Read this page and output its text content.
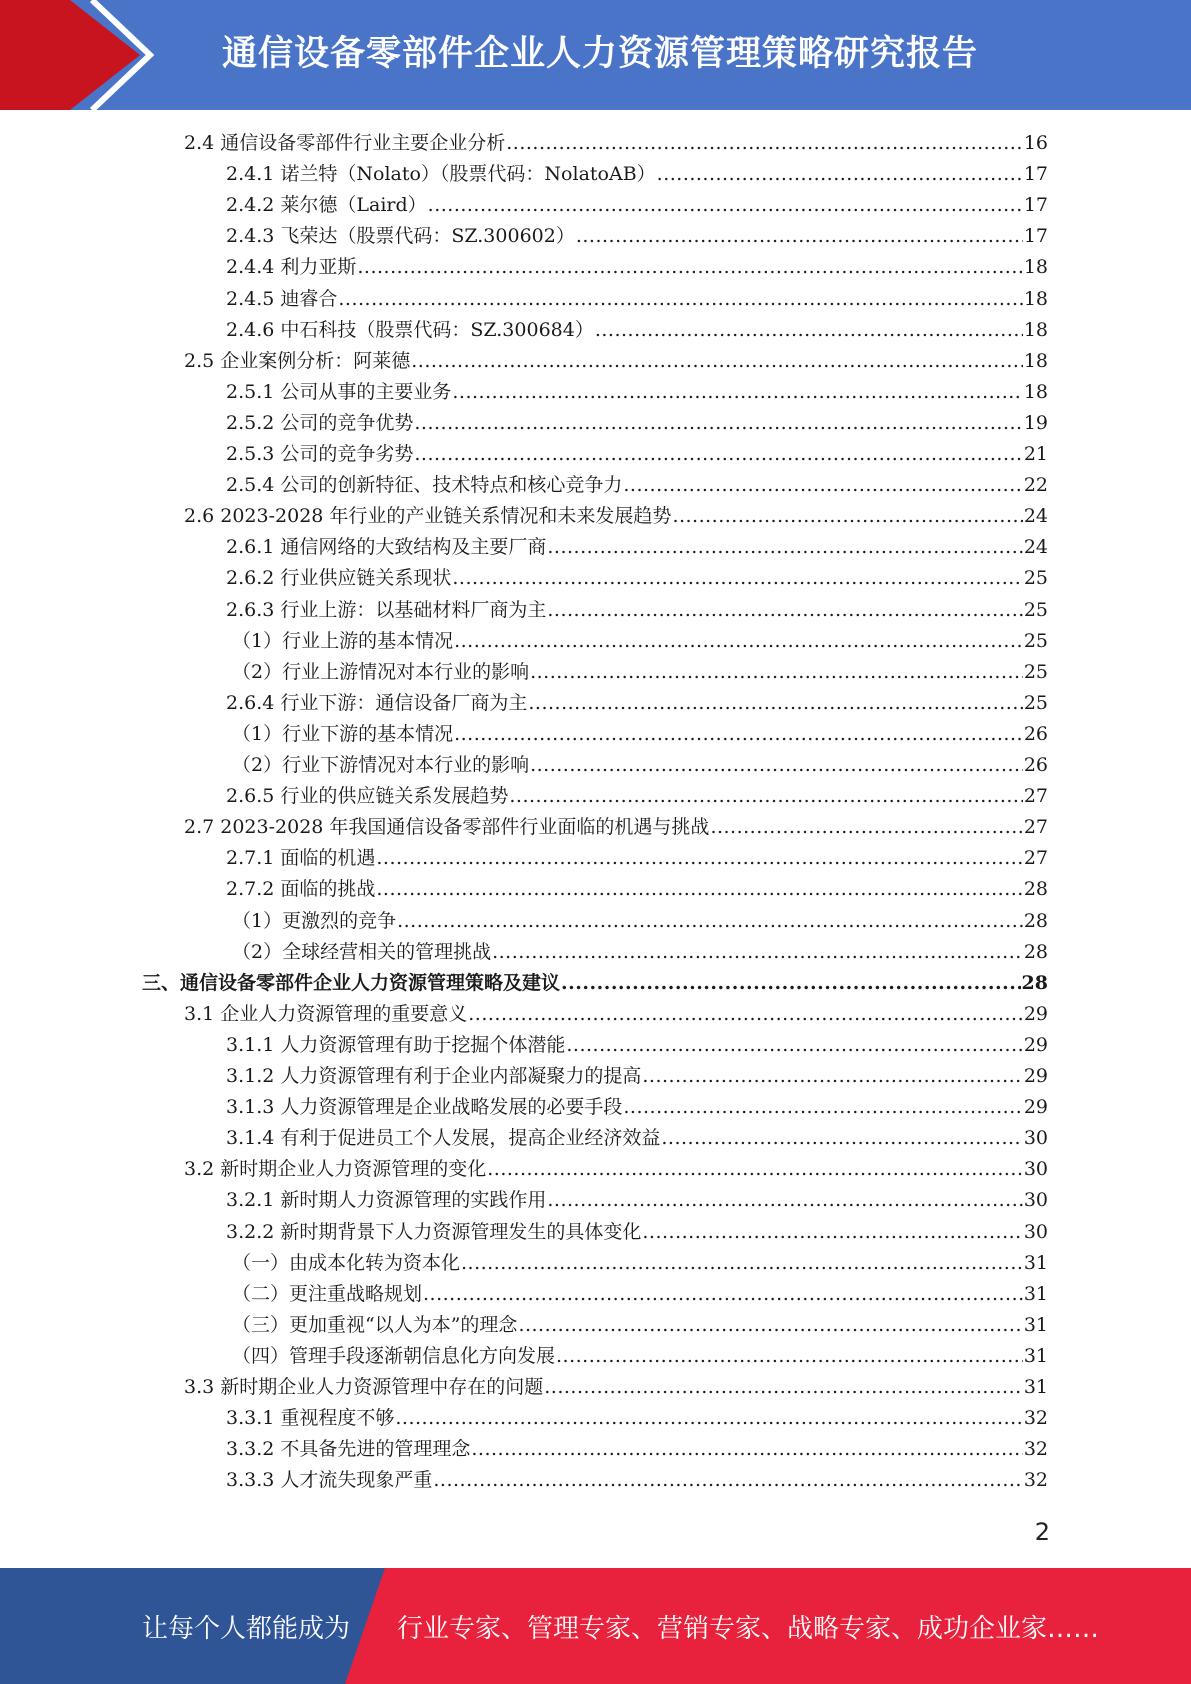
通信设备零部件企业人力资源管理策略研究报告
2.4 通信设备零部件行业主要企业分析 .....	16
2.4.1 诺兰特（Nolato）（股票代码：NolatoAB） .....	17
2.4.2 莱尔德（Laird） .....	17
2.4.3 飞荣达（股票代码：SZ.300602） .....	17
2.4.4 利力亚斯 .....	18
2.4.5 迪睿合 .....	18
2.4.6 中石科技（股票代码：SZ.300684） .....	18
2.5 企业案例分析：阿莱德 .....	18
2.5.1 公司从事的主要业务 .....	18
2.5.2 公司的竞争优势 .....	19
2.5.3 公司的竞争劣势 .....	21
2.5.4 公司的创新特征、技术特点和核心竞争力 .....	22
2.6 2023-2028 年行业的产业链关系情况和未来发展趋势 .....	24
2.6.1 通信网络的大致结构及主要厂商 .....	24
2.6.2 行业供应链关系现状 .....	25
2.6.3 行业上游：以基础材料厂商为主 .....	25
（1）行业上游的基本情况 .....	25
（2）行业上游情况对本行业的影响 .....	25
2.6.4 行业下游：通信设备厂商为主 .....	25
（1）行业下游的基本情况 .....	26
（2）行业下游情况对本行业的影响 .....	26
2.6.5 行业的供应链关系发展趋势 .....	27
2.7 2023-2028 年我国通信设备零部件行业面临的机遇与挑战 .....	27
2.7.1 面临的机遇 .....	27
2.7.2 面临的挑战 .....	28
（1）更激烈的竞争 .....	28
（2）全球经营相关的管理挑战 .....	28
三、通信设备零部件企业人力资源管理策略及建议 .....	28
3.1 企业人力资源管理的重要意义 .....	29
3.1.1 人力资源管理有助于挖掘个体潜能 .....	29
3.1.2 人力资源管理有利于企业内部凝聚力的提高 .....	29
3.1.3 人力资源管理是企业战略发展的必要手段 .....	29
3.1.4 有利于促进员工个人发展，提高企业经济效益 .....	30
3.2 新时期企业人力资源管理的变化 .....	30
3.2.1 新时期人力资源管理的实践作用 .....	30
3.2.2 新时期背景下人力资源管理发生的具体变化 .....	30
（一）由成本化转为资本化 .....	31
（二）更注重战略规划 .....	31
（三）更加重视“以人为本”的理念 .....	31
（四）管理手段逐渐朝信息化方向发展 .....	31
3.3 新时期企业人力资源管理中存在的问题 .....	31
3.3.1 重视程度不够 .....	32
3.3.2 不具备先进的管理理念 .....	32
3.3.3 人才流失现象严重 .....	32
2
让每个人都能成为 行业专家、管理专家、营销专家、战略专家、成功企业家……
